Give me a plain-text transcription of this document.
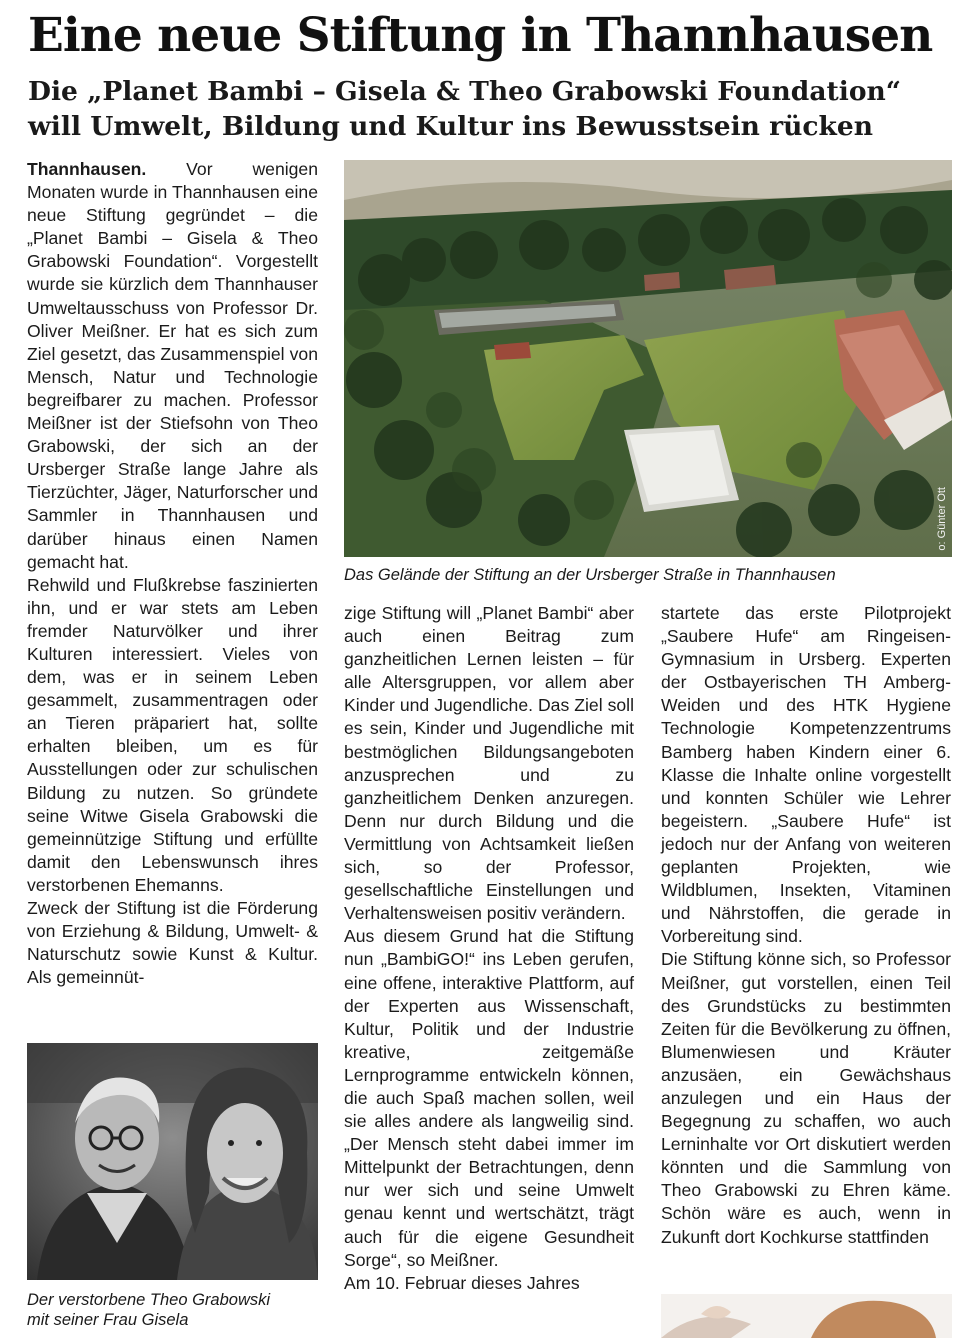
Eine neue Stiftung in Thannhausen
Die „Planet Bambi – Gisela & Theo Grabowski Foundation“
will Umwelt, Bildung und Kultur ins Bewusstsein rücken

Thannhausen. Vor wenigen Monaten wurde in Thannhausen eine neue Stiftung gegründet – die „Planet Bambi – Gisela & Theo Grabowski Foundation“. Vorgestellt wurde sie kürzlich dem Thannhauser Umweltausschuss von Professor Dr. Oliver Meißner. Er hat es sich zum Ziel gesetzt, das Zusammenspiel von Mensch, Natur und Technologie begreifbarer zu machen. Professor Meißner ist der Stiefsohn von Theo Grabowski, der sich an der Ursberger Straße lange Jahre als Tierzüchter, Jäger, Naturforscher und Sammler in Thannhausen und darüber hinaus einen Namen gemacht hat.

Rehwild und Flußkrebse faszinierten ihn, und er war stets am Leben fremder Naturvölker und ihrer Kulturen interessiert. Vieles von dem, was er in seinem Leben gesammelt, zusammentragen oder an Tieren präpariert hat, sollte erhalten bleiben, um es für Ausstellungen oder zur schulischen Bildung zu nutzen. So gründete seine Witwe Gisela Grabowski die gemeinnützige Stiftung und erfüllte damit den Lebenswunsch ihres verstorbenen Ehemanns.

Zweck der Stiftung ist die Förderung von Erziehung & Bildung, Umwelt- & Naturschutz sowie Kunst & Kultur. Als gemeinnüt-

o: Günter Ott
Das Gelände der Stiftung an der Ursberger Straße in Thannhausen

zige Stiftung will „Planet Bambi“ aber auch einen Beitrag zum ganzheitlichen Lernen leisten – für alle Altersgruppen, vor allem aber Kinder und Jugendliche. Das Ziel soll es sein, Kinder und Jugendliche mit bestmöglichen Bildungsangeboten anzusprechen und zu ganzheitlichem Denken anzuregen. Denn nur durch Bildung und die Vermittlung von Achtsamkeit ließen sich, so der Professor, gesellschaftliche Einstellungen und Verhaltensweisen positiv verändern.

Aus diesem Grund hat die Stiftung nun „BambiGO!“ ins Leben gerufen, eine offene, interaktive Plattform, auf der Experten aus Wissenschaft, Kultur, Politik und der Industrie kreative, zeitgemäße Lernprogramme entwickeln können, die auch Spaß machen sollen, weil sie alles andere als langweilig sind. „Der Mensch steht dabei immer im Mittelpunkt der Betrachtungen, denn nur wer sich und seine Umwelt genau kennt und wertschätzt, trägt auch für die eigene Gesundheit Sorge“, so Meißner.

Am 10. Februar dieses Jahres

startete das erste Pilotprojekt „Saubere Hufe“ am Ringeisen-Gymnasium in Ursberg. Experten der Ostbayerischen TH Amberg-Weiden und des HTK Hygiene Technologie Kompetenzzentrums Bamberg haben Kindern einer 6. Klasse die Inhalte online vorgestellt und konnten Schüler wie Lehrer begeistern. „Saubere Hufe“ ist jedoch nur der Anfang von weiteren geplanten Projekten, wie Wildblumen, Insekten, Vitaminen und Nährstoffen, die gerade in Vorbereitung sind.

Die Stiftung könne sich, so Professor Meißner, gut vorstellen, einen Teil des Grundstücks zu bestimmten Zeiten für die Bevölkerung zu öffnen, Blumenwiesen und Kräuter anzusäen, ein Gewächshaus anzulegen und ein Haus der Begegnung zu schaffen, wo auch Lerninhalte vor Ort diskutiert werden könnten und die Sammlung von Theo Grabowski zu Ehren käme. Schön wäre es auch, wenn in Zukunft dort Kochkurse stattfinden

Der verstorbene Theo Grabowski
mit seiner Frau Gisela
